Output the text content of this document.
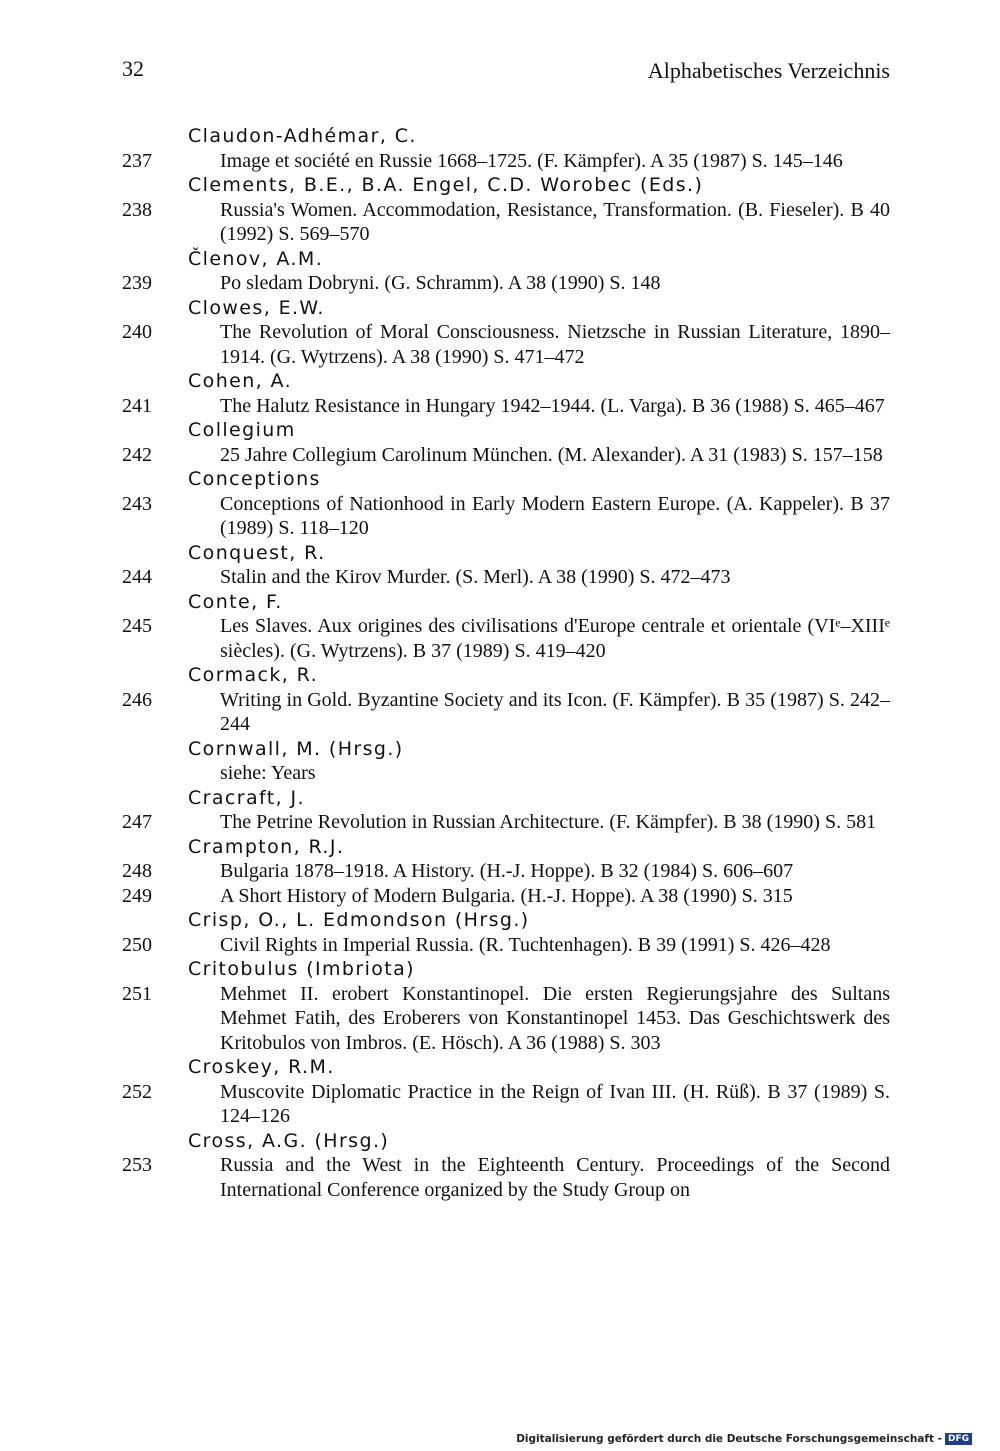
32	Alphabetisches Verzeichnis
Claudon-Adhémar, C.
237	Image et société en Russie 1668–1725. (F. Kämpfer). A 35 (1987) S. 145–146
Clements, B.E., B.A. Engel, C.D. Worobec (Eds.)
238	Russia's Women. Accommodation, Resistance, Transformation. (B. Fieseler). B 40 (1992) S. 569–570
Členov, A.M.
239	Po sledam Dobryni. (G. Schramm). A 38 (1990) S. 148
Clowes, E.W.
240	The Revolution of Moral Consciousness. Nietzsche in Russian Literature, 1890–1914. (G. Wytrzens). A 38 (1990) S. 471–472
Cohen, A.
241	The Halutz Resistance in Hungary 1942–1944. (L. Varga). B 36 (1988) S. 465–467
Collegium
242	25 Jahre Collegium Carolinum München. (M. Alexander). A 31 (1983) S. 157–158
Conceptions
243	Conceptions of Nationhood in Early Modern Eastern Europe. (A. Kappeler). B 37 (1989) S. 118–120
Conquest, R.
244	Stalin and the Kirov Murder. (S. Merl). A 38 (1990) S. 472–473
Conte, F.
245	Les Slaves. Aux origines des civilisations d'Europe centrale et orientale (VIᵉ–XIIIᵉ siècles). (G. Wytrzens). B 37 (1989) S. 419–420
Cormack, R.
246	Writing in Gold. Byzantine Society and its Icon. (F. Kämpfer). B 35 (1987) S. 242–244
Cornwall, M. (Hrsg.)
siehe: Years
Cracraft, J.
247	The Petrine Revolution in Russian Architecture. (F. Kämpfer). B 38 (1990) S. 581
Crampton, R.J.
248	Bulgaria 1878–1918. A History. (H.-J. Hoppe). B 32 (1984) S. 606–607
249	A Short History of Modern Bulgaria. (H.-J. Hoppe). A 38 (1990) S. 315
Crisp, O., L. Edmondson (Hrsg.)
250	Civil Rights in Imperial Russia. (R. Tuchtenhagen). B 39 (1991) S. 426–428
Critobulus (Imbriota)
251	Mehmet II. erobert Konstantinopel. Die ersten Regierungsjahre des Sultans Mehmet Fatih, des Eroberers von Konstantinopel 1453. Das Geschichtswerk des Kritobulos von Imbros. (E. Hösch). A 36 (1988) S. 303
Croskey, R.M.
252	Muscovite Diplomatic Practice in the Reign of Ivan III. (H. Rüß). B 37 (1989) S. 124–126
Cross, A.G. (Hrsg.)
253	Russia and the West in the Eighteenth Century. Proceedings of the Second International Conference organized by the Study Group on
Digitalisierung gefördert durch die Deutsche Forschungsgemeinschaft - DFG
